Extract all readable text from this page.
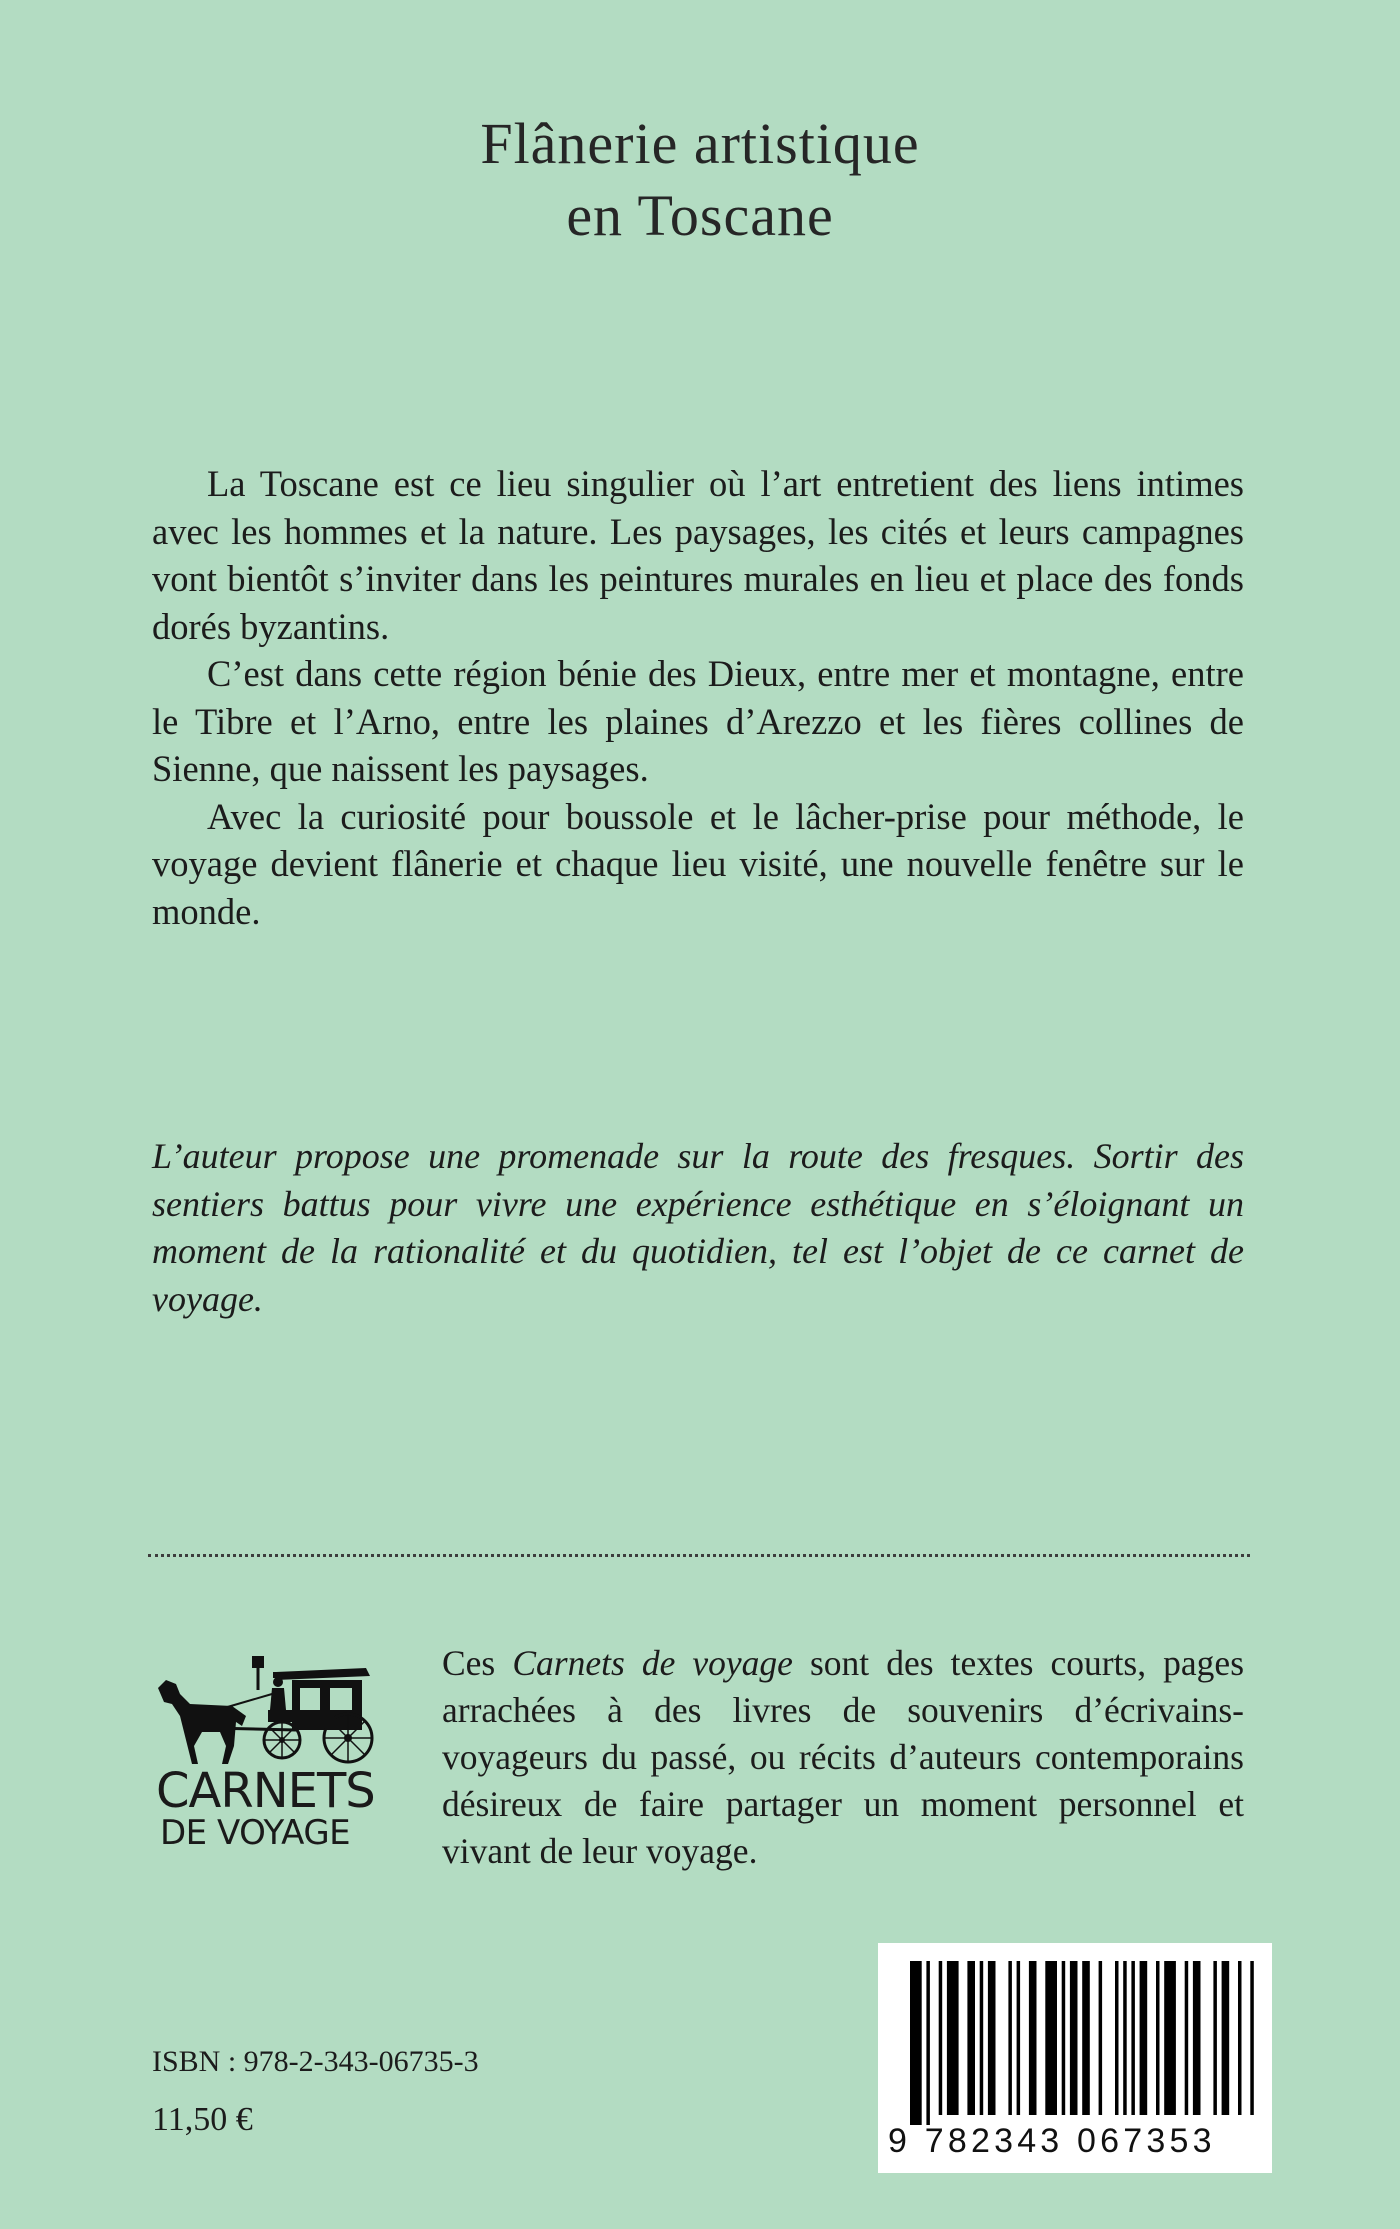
Flânerie artistique
en Toscane

La Toscane est ce lieu singulier où l’art entretient des liens intimes avec les hommes et la nature. Les paysages, les cités et leurs campagnes vont bientôt s’inviter dans les peintures murales en lieu et place des fonds dorés byzantins.

C’est dans cette région bénie des Dieux, entre mer et montagne, entre le Tibre et l’Arno, entre les plaines d’Arezzo et les fières collines de Sienne, que naissent les paysages.

Avec la curiosité pour boussole et le lâcher-prise pour méthode, le voyage devient flânerie et chaque lieu visité, une nouvelle fenêtre sur le monde.

L’auteur propose une promenade sur la route des fresques. Sortir des sentiers battus pour vivre une expérience esthétique en s’éloignant un moment de la rationalité et du quotidien, tel est l’objet de ce carnet de voyage.

CARNETS
DE VOYAGE

Ces Carnets de voyage sont des textes courts, pages arrachées à des livres de souvenirs d’écrivains-voyageurs du passé, ou récits d’auteurs contemporains désireux de faire partager un moment personnel et vivant de leur voyage.

ISBN : 978-2-343-06735-3
11,50 €
9 782343 067353
